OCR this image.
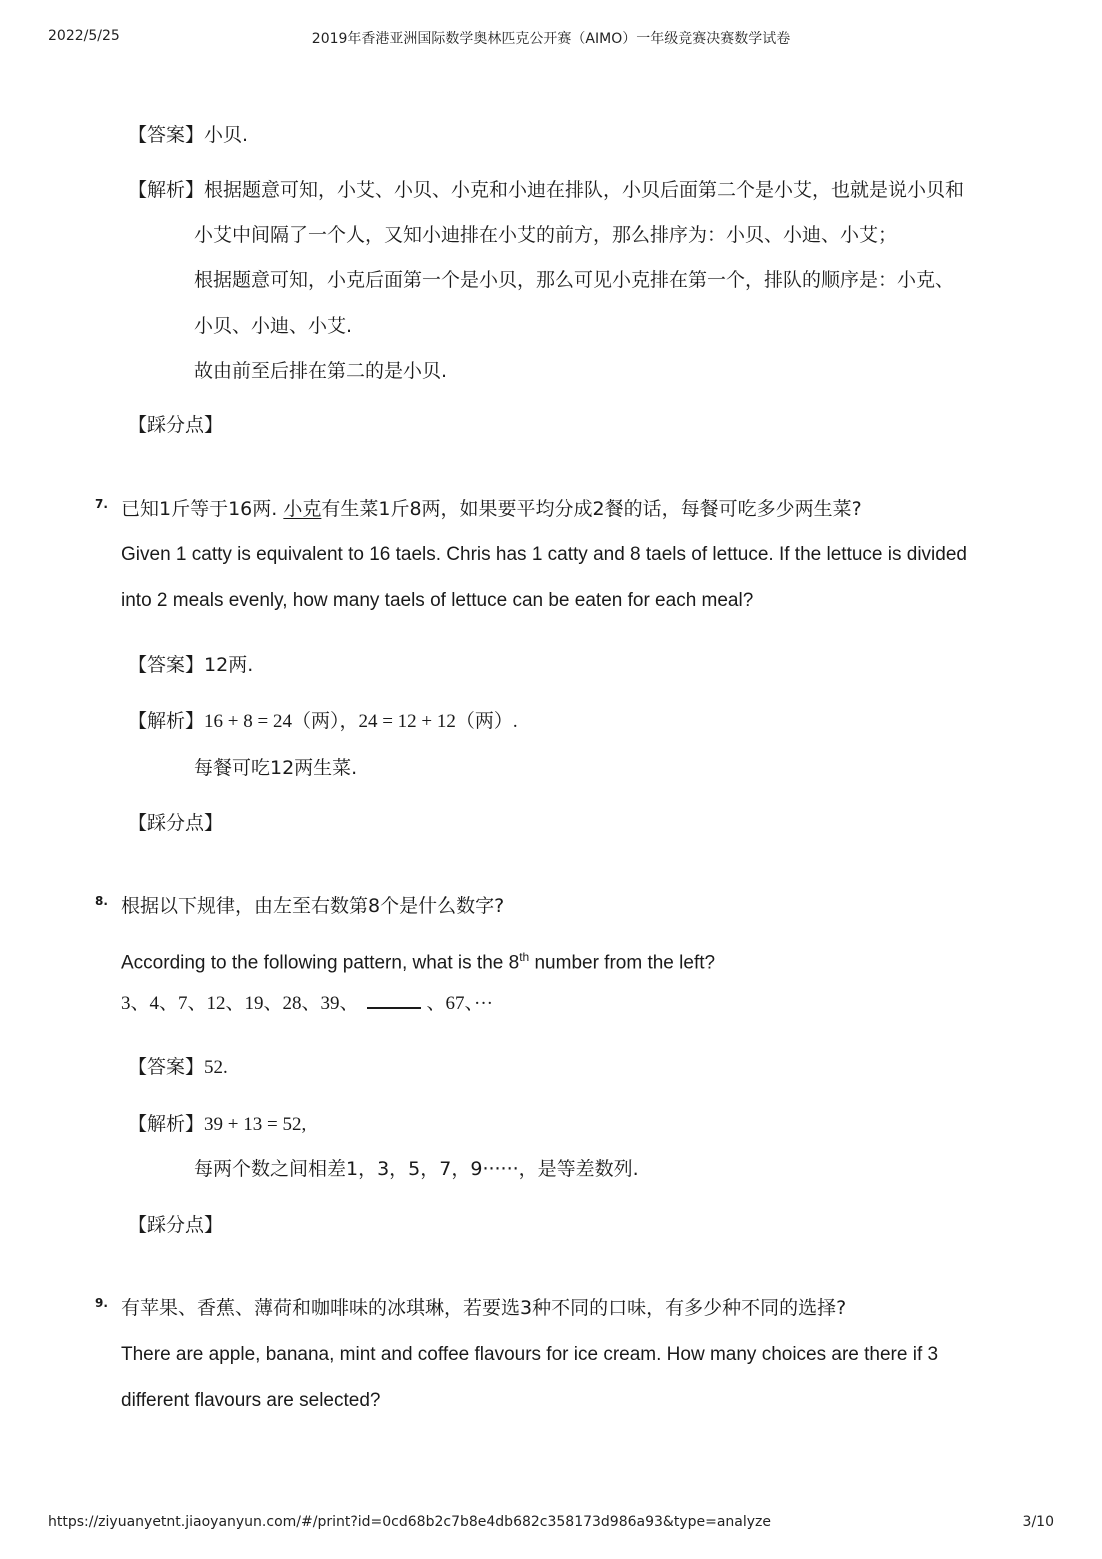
2022/5/25	2019年香港亚洲国际数学奥林匹克公开赛（AIMO）一年级竞赛决赛数学试卷
【答案】小贝.
【解析】根据题意可知，小艾、小贝、小克和小迪在排队，小贝后面第二个是小艾，也就是说小贝和
小艾中间隔了一个人，又知小迪排在小艾的前方，那么排序为：小贝、小迪、小艾；
根据题意可知，小克后面第一个是小贝，那么可见小克排在第一个，排队的顺序是：小克、
小贝、小迪、小艾.
故由前至后排在第二的是小贝.
【踩分点】
7. 已知1斤等于16两. 小克有生菜1斤8两，如果要平均分成2餐的话，每餐可吃多少两生菜?
Given 1 catty is equivalent to 16 taels. Chris has 1 catty and 8 taels of lettuce. If the lettuce is divided
into 2 meals evenly, how many taels of lettuce can be eaten for each meal?
【答案】12两.
【解析】16 + 8 = 24（两），24 = 12 + 12（两）.
每餐可吃12两生菜.
【踩分点】
8. 根据以下规律，由左至右数第8个是什么数字?
According to the following pattern, what is the 8th number from the left?
3、4、7、12、19、28、39、	、67、···
【答案】52.
【解析】39 + 13 = 52,
每两个数之间相差1，3，5，7，9······，是等差数列.
【踩分点】
9. 有苹果、香蕉、薄荷和咖啡味的冰琪琳，若要选3种不同的口味，有多少种不同的选择?
There are apple, banana, mint and coffee flavours for ice cream. How many choices are there if 3
different flavours are selected?
https://ziyuanyetnt.jiaoyanyun.com/#/print?id=0cd68b2c7b8e4db682c358173d986a93&type=analyze	3/10
